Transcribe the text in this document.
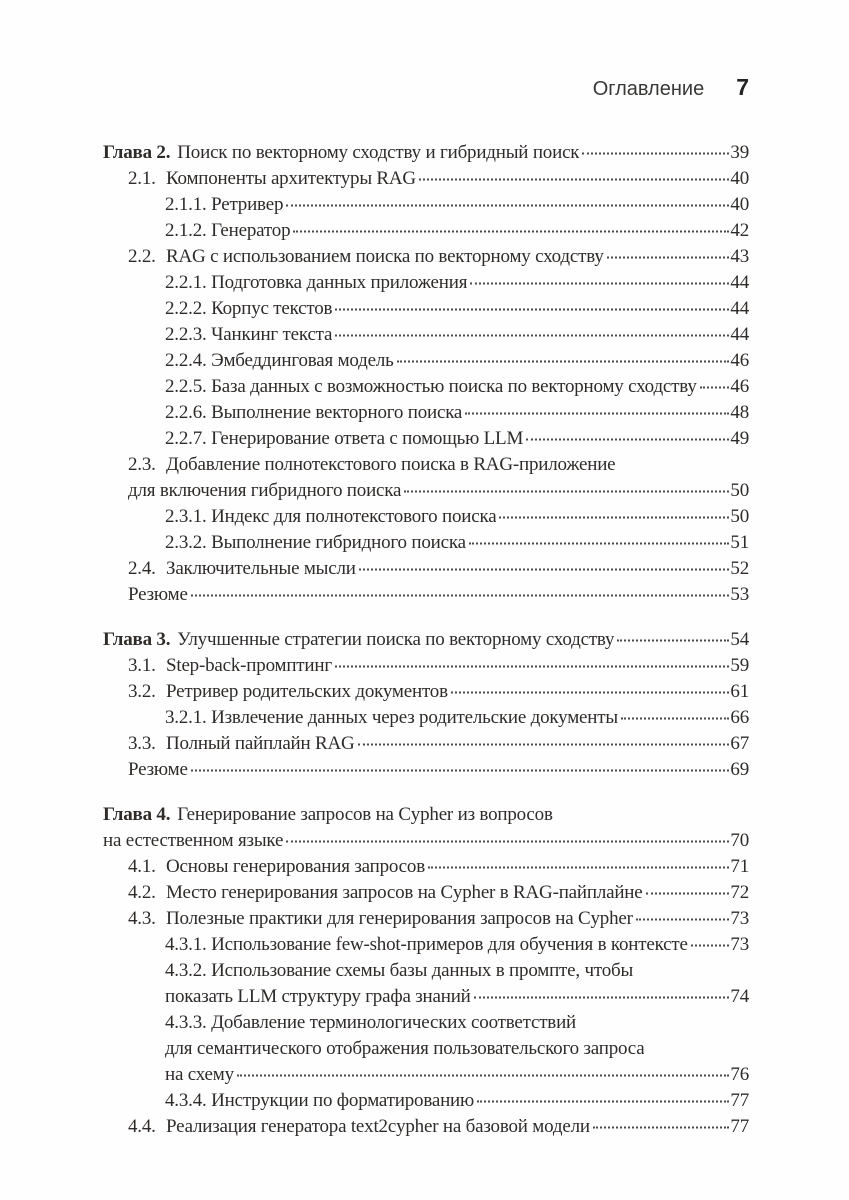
Оглавление 7
Глава 2. Поиск по векторному сходству и гибридный поиск	39
2.1. Компоненты архитектуры RAG	40
2.1.1. Ретривер	40
2.1.2. Генератор	42
2.2. RAG с использованием поиска по векторному сходству	43
2.2.1. Подготовка данных приложения	44
2.2.2. Корпус текстов	44
2.2.3. Чанкинг текста	44
2.2.4. Эмбеддинговая модель	46
2.2.5. База данных с возможностью поиска по векторному сходству 46
2.2.6. Выполнение векторного поиска	48
2.2.7. Генерирование ответа с помощью LLM	49
2.3. Добавление полнотекстового поиска в RAG-приложение
для включения гибридного поиска	50
2.3.1. Индекс для полнотекстового поиска	50
2.3.2. Выполнение гибридного поиска	51
2.4. Заключительные мысли	52
Резюме	53
Глава 3. Улучшенные стратегии поиска по векторному сходству	54
3.1. Step-back-промптинг	59
3.2. Ретривер родительских документов	61
3.2.1. Извлечение данных через родительские документы	66
3.3. Полный пайплайн RAG	67
Резюме	69
Глава 4. Генерирование запросов на Cypher из вопросов
на естественном языке	70
4.1. Основы генерирования запросов	71
4.2. Место генерирования запросов на Cypher в RAG-пайплайне	72
4.3. Полезные практики для генерирования запросов на Cypher	73
4.3.1. Использование few-shot-примеров для обучения в контексте 73
4.3.2. Использование схемы базы данных в промпте, чтобы
показать LLM структуру графа знаний	74
4.3.3. Добавление терминологических соответствий
для семантического отображения пользовательского запроса
на схему	76
4.3.4. Инструкции по форматированию	77
4.4. Реализация генератора text2cypher на базовой модели	77
